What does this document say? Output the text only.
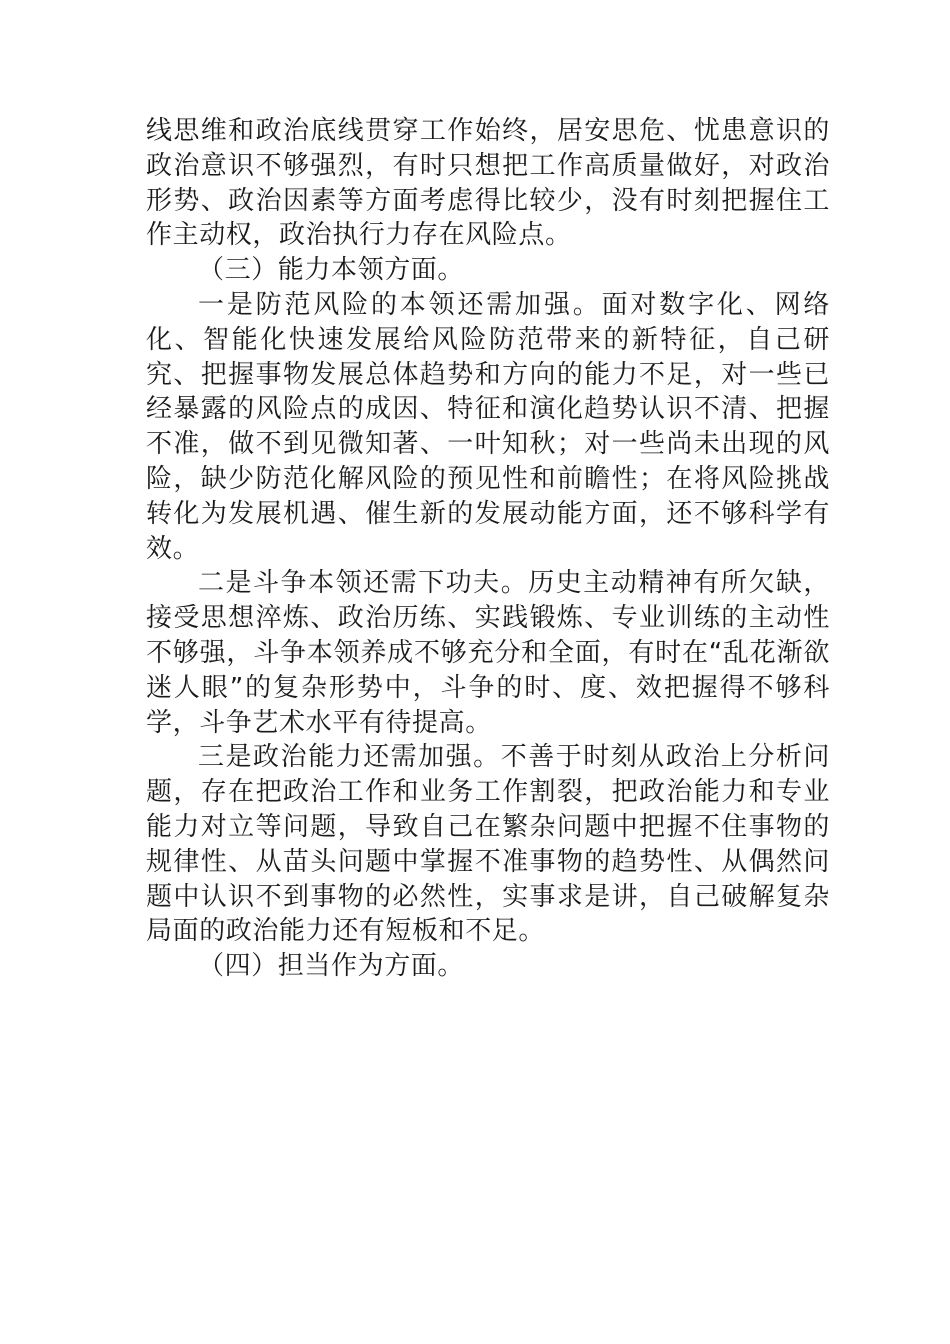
线思维和政治底线贯穿工作始终，居安思危、忧患意识的政治意识不够强烈，有时只想把工作高质量做好，对政治形势、政治因素等方面考虑得比较少，没有时刻把握住工作主动权，政治执行力存在风险点。

（三）能力本领方面。

一是防范风险的本领还需加强。面对数字化、网络化、智能化快速发展给风险防范带来的新特征，自己研究、把握事物发展总体趋势和方向的能力不足，对一些已经暴露的风险点的成因、特征和演化趋势认识不清、把握不准，做不到见微知著、一叶知秋；对一些尚未出现的风险，缺少防范化解风险的预见性和前瞻性；在将风险挑战转化为发展机遇、催生新的发展动能方面，还不够科学有效。

二是斗争本领还需下功夫。历史主动精神有所欠缺，接受思想淬炼、政治历练、实践锻炼、专业训练的主动性不够强，斗争本领养成不够充分和全面，有时在“乱花渐欲迷人眼”的复杂形势中，斗争的时、度、效把握得不够科学，斗争艺术水平有待提高。

三是政治能力还需加强。不善于时刻从政治上分析问题，存在把政治工作和业务工作割裂，把政治能力和专业能力对立等问题，导致自己在繁杂问题中把握不住事物的规律性、从苗头问题中掌握不准事物的趋势性、从偶然问题中认识不到事物的必然性，实事求是讲，自己破解复杂局面的政治能力还有短板和不足。

（四）担当作为方面。
